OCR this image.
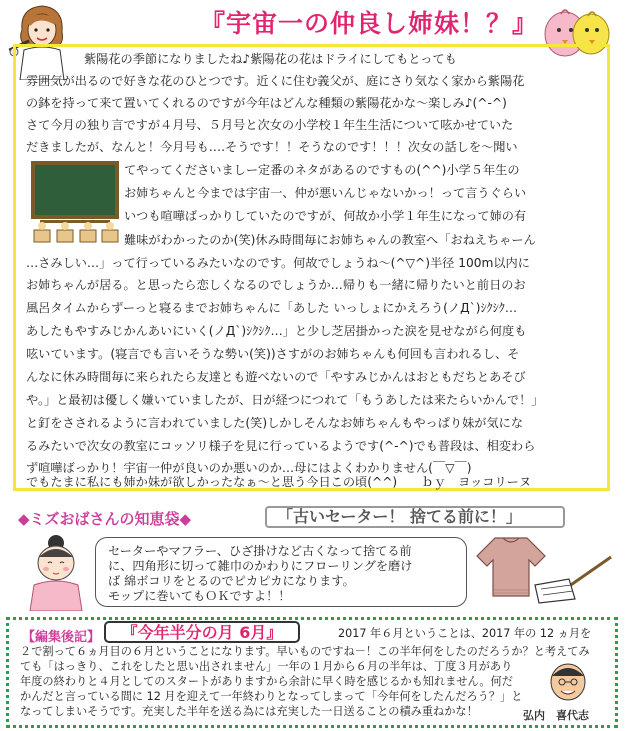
『宇宙一の仲良し姉妹！？』
紫陽花の季節になりましたね♪紫陽花の花はドライにしてもとっても
雰囲気が出るので好きな花のひとつです。近くに住む義父が、庭にさり気なく家から紫陽花
の鉢を持って来て置いてくれるのですが今年はどんな種類の紫陽花かな～楽しみ♪(^-^)
さて今月の独り言ですが４月号、５月号と次女の小学校１年生生活について呟かせていた
だきましたが、なんと！今月号も‥‥そうです！！そうなのです！！！次女の話しを～聞い
てやってくださいましー定番のネタがあるのですもの(^^)小学５年生の
お姉ちゃんと今までは宇宙一、仲が悪いんじゃないかっ！って言うぐらい
いつも喧嘩ばっかりしていたのですが、何故か小学１年生になって姉の有
難味がわかったのか(笑)休み時間毎にお姉ちゃんの教室へ「おねえちゃーん
…さみしい…」って行っているみたいなのです。何故でしょうね～(^▽^)半径 100m以内に
お姉ちゃんが居る。と思ったら恋しくなるのでしょうか…帰りも一緒に帰りたいと前日のお
風呂タイムからずーっと寝るまでお姉ちゃんに「あした いっしょにかえろう(ノД`)ｼｸｼｸ…
あしたもやすみじかんあいにいく(ノД`)ｼｸｼｸ…」と少し芝居掛かった涙を見せながら何度も
呟いています。(寝言でも言いそうな勢い(笑))さすがのお姉ちゃんも何回も言われるし、そ
んなに休み時間毎に来られたら友達とも遊べないので「やすみじかんはおともだちとあそび
や。」と最初は優しく嫌いていましたが、日が経つにつれて「もうあしたは来たらいかんで！」
と釘をさされるように言われていました(笑)しかしそんなお姉ちゃんもやっぱり妹が気にな
るみたいで次女の教室にコッソリ様子を見に行っているようです(^-^)でも普段は、相変わら
ず喧嘩ばっかり！宇宙一仲が良いのか悪いのか…母にはよくわかりません(￣▽￣)
でもたまに私にも姉か妹が欲しかったなぁ～と思う今日この頃(^^)　　ｂｙ　ヨッコリーヌ
◆ミズおばさんの知恵袋◆	「古いセーター！ 捨てる前に！」
セーターやマフラー、ひざ掛けなど古くなって捨てる前
に、四角形に切って雑巾のかわりにフローリングを磨け
ば 綿ボコリをとるのでピカピカになります。
モップに巻いてもＯＫですよ！！
【編集後記】	『今年半分の月 6月』	2017 年６月ということは、2017 年の 12 ヵ月を
２で割って６ヵ月目の６月ということになります。早いものですね－！この半年何をしたのだろうか？と考えてみ
ても「はっきり、これをしたと思い出されません」一年の１月から６月の半年は、丁度３月があり
年度の終わりと４月としてのスタートがありますから余計に早く時を感じるかも知れません。何だ
かんだと言っている間に 12 月を迎えて一年終わりとなってしまって「今年何をしたんだろう？」と
なってしまいそうです。充実した半年を送る為には充実した一日送ることの積み重ねかな！	弘内　喜代志
